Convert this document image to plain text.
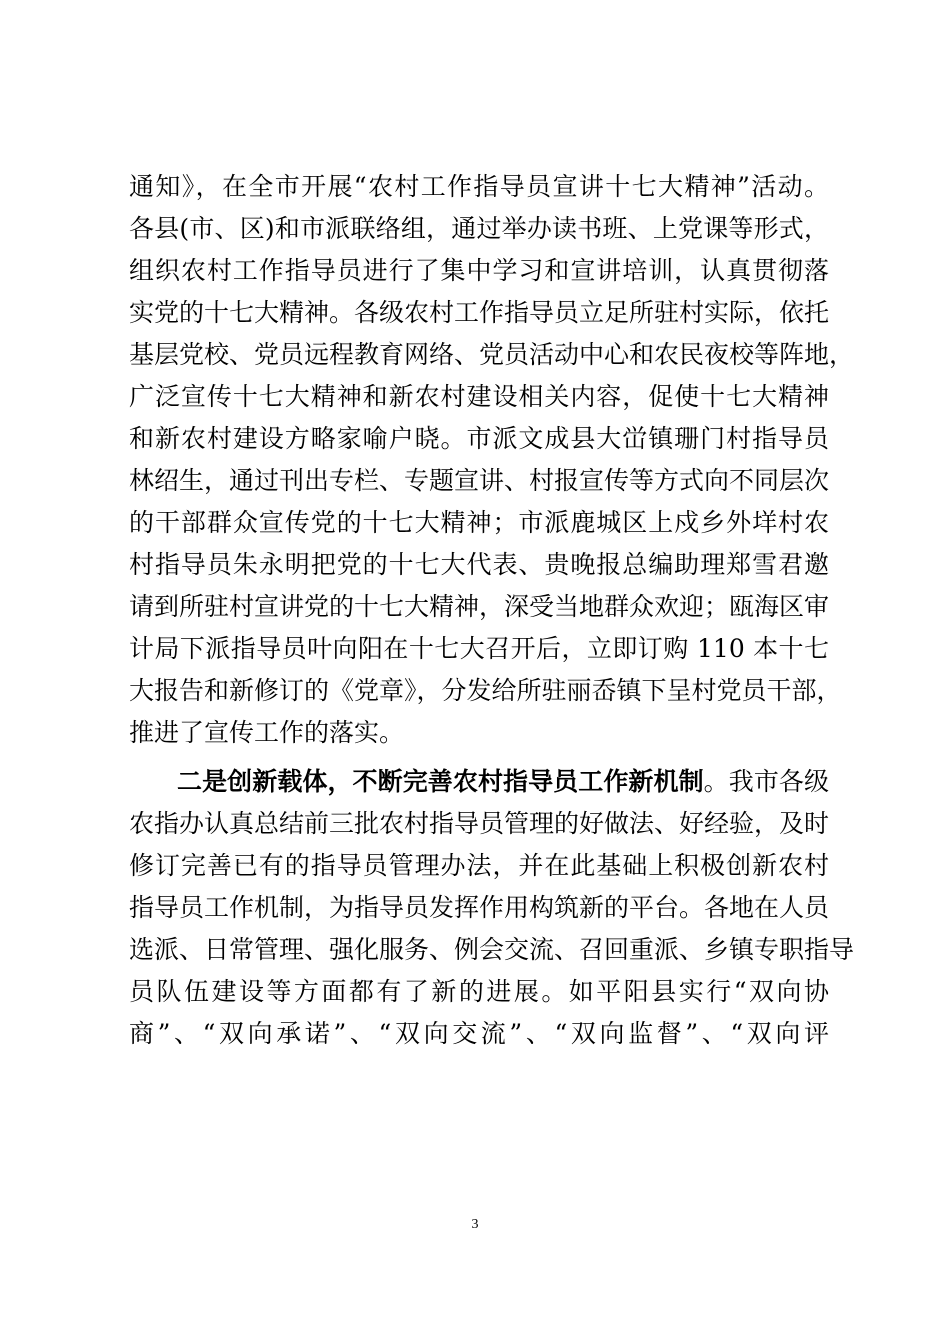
通知》，在全市开展“农村工作指导员宣讲十七大精神”活动。
各县(市、区)和市派联络组，通过举办读书班、上党课等形式，
组织农村工作指导员进行了集中学习和宣讲培训，认真贯彻落
实党的十七大精神。各级农村工作指导员立足所驻村实际，依托
基层党校、党员远程教育网络、党员活动中心和农民夜校等阵地，
广泛宣传十七大精神和新农村建设相关内容，促使十七大精神
和新农村建设方略家喻户晓。市派文成县大峃镇珊门村指导员
林绍生，通过刊出专栏、专题宣讲、村报宣传等方式向不同层次
的干部群众宣传党的十七大精神；市派鹿城区上戍乡外垟村农
村指导员朱永明把党的十七大代表、贵晚报总编助理郑雪君邀
请到所驻村宣讲党的十七大精神，深受当地群众欢迎；瓯海区审
计局下派指导员叶向阳在十七大召开后，立即订购 110 本十七
大报告和新修订的《党章》，分发给所驻丽岙镇下呈村党员干部，
推进了宣传工作的落实。
二是创新载体，不断完善农村指导员工作新机制。我市各级
农指办认真总结前三批农村指导员管理的好做法、好经验，及时
修订完善已有的指导员管理办法，并在此基础上积极创新农村
指导员工作机制，为指导员发挥作用构筑新的平台。各地在人员
选派、日常管理、强化服务、例会交流、召回重派、乡镇专职指导
员队伍建设等方面都有了新的进展。如平阳县实行“双向协
商”、“双向承诺”、“双向交流”、“双向监督”、“双向评
3
